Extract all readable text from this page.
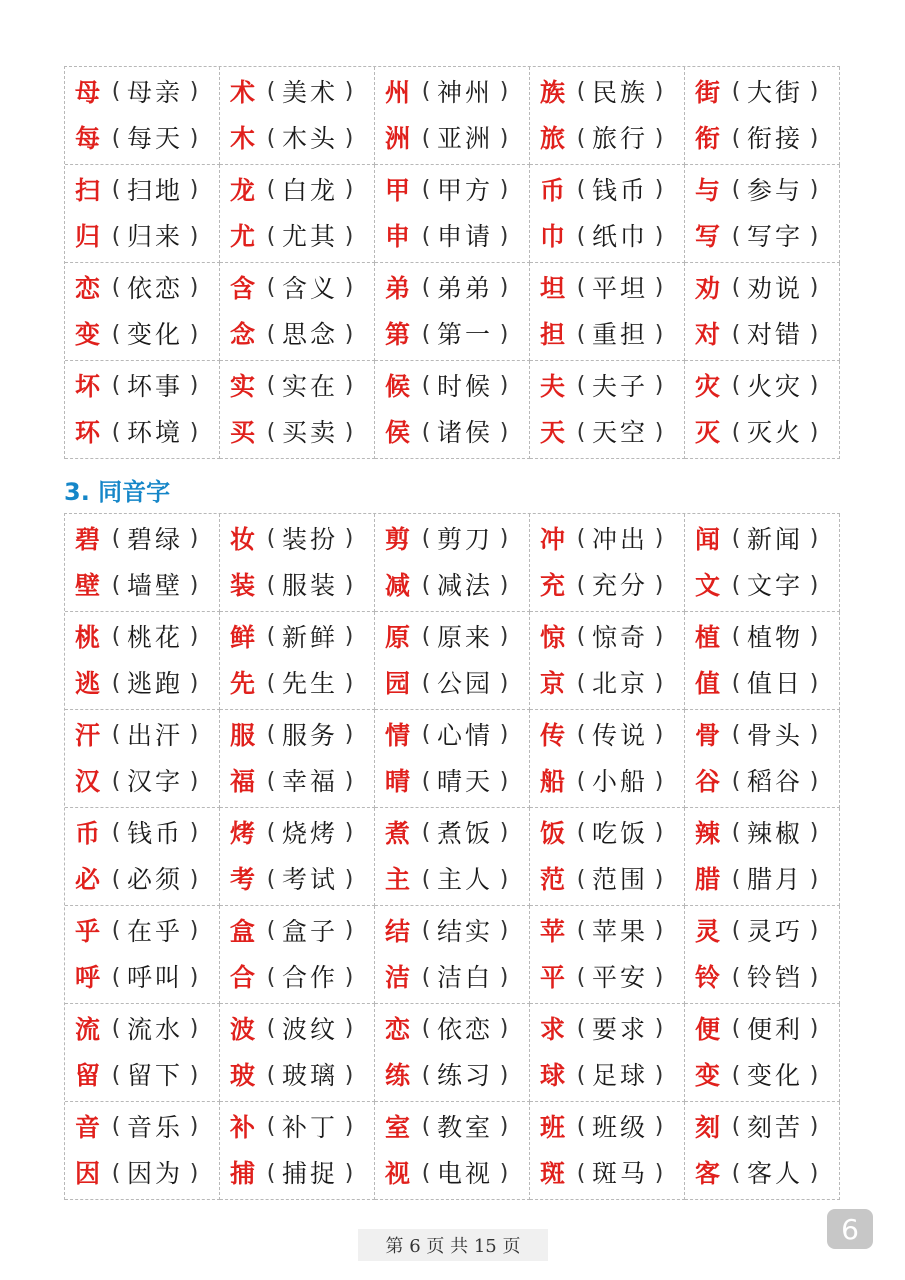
母 ( 母亲 )
每 ( 每天 )
术 ( 美术 )
木 ( 木头 )
州 ( 神州 )
洲 ( 亚洲 )
族 ( 民族 )
旅 ( 旅行 )
街 ( 大街 )
衔 ( 衔接 )
扫 ( 扫地 )
归 ( 归来 )
龙 ( 白龙 )
尤 ( 尤其 )
甲 ( 甲方 )
申 ( 申请 )
币 ( 钱币 )
巾 ( 纸巾 )
与 ( 参与 )
写 ( 写字 )
恋 ( 依恋 )
变 ( 变化 )
含 ( 含义 )
念 ( 思念 )
弟 ( 弟弟 )
第 ( 第一 )
坦 ( 平坦 )
担 ( 重担 )
劝 ( 劝说 )
对 ( 对错 )
坏 ( 坏事 )
环 ( 环境 )
实 ( 实在 )
买 ( 买卖 )
候 ( 时候 )
侯 ( 诸侯 )
夫 ( 夫子 )
天 ( 天空 )
灾 ( 火灾 )
灭 ( 灭火 )
3. 同音字
碧 ( 碧绿 )
壁 ( 墙壁 )
妆 ( 装扮 )
装 ( 服装 )
剪 ( 剪刀 )
减 ( 减法 )
冲 ( 冲出 )
充 ( 充分 )
闻 ( 新闻 )
文 ( 文字 )
桃 ( 桃花 )
逃 ( 逃跑 )
鲜 ( 新鲜 )
先 ( 先生 )
原 ( 原来 )
园 ( 公园 )
惊 ( 惊奇 )
京 ( 北京 )
植 ( 植物 )
值 ( 值日 )
汗 ( 出汗 )
汉 ( 汉字 )
服 ( 服务 )
福 ( 幸福 )
情 ( 心情 )
晴 ( 晴天 )
传 ( 传说 )
船 ( 小船 )
骨 ( 骨头 )
谷 ( 稻谷 )
币 ( 钱币 )
必 ( 必须 )
烤 ( 烧烤 )
考 ( 考试 )
煮 ( 煮饭 )
主 ( 主人 )
饭 ( 吃饭 )
范 ( 范围 )
辣 ( 辣椒 )
腊 ( 腊月 )
乎 ( 在乎 )
呼 ( 呼叫 )
盒 ( 盒子 )
合 ( 合作 )
结 ( 结实 )
洁 ( 洁白 )
苹 ( 苹果 )
平 ( 平安 )
灵 ( 灵巧 )
铃 ( 铃铛 )
流 ( 流水 )
留 ( 留下 )
波 ( 波纹 )
玻 ( 玻璃 )
恋 ( 依恋 )
练 ( 练习 )
求 ( 要求 )
球 ( 足球 )
便 ( 便利 )
变 ( 变化 )
音 ( 音乐 )
因 ( 因为 )
补 ( 补丁 )
捕 ( 捕捉 )
室 ( 教室 )
视 ( 电视 )
班 ( 班级 )
斑 ( 斑马 )
刻 ( 刻苦 )
客 ( 客人 )
第 6 页 共 15 页
6
